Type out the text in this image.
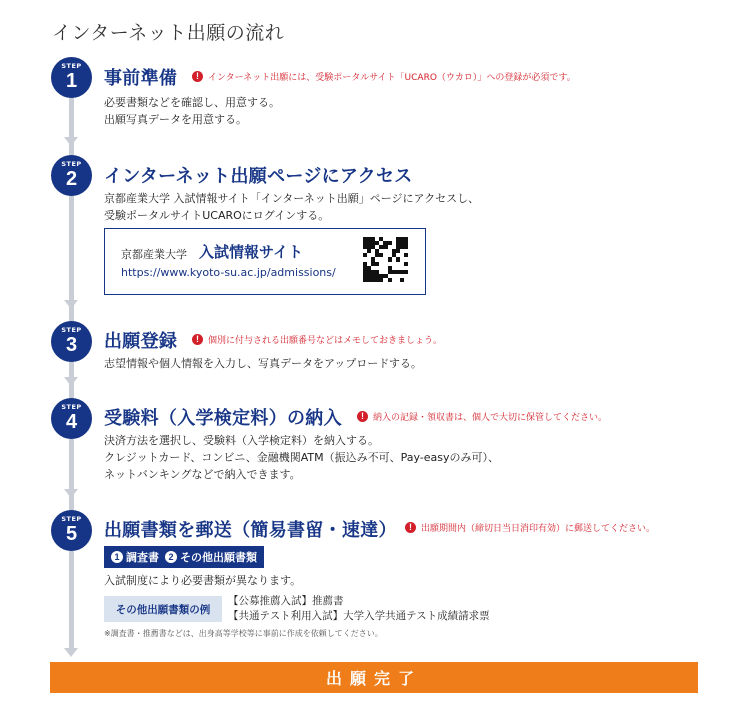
インターネット出願の流れ
STEP
1	事前準備	!	インターネット出願には、受験ポータルサイト「UCARO（ウカロ）」への登録が必須です。
必要書類などを確認し、用意する。
出願写真データを用意する。
STEP
2	インターネット出願ページにアクセス
京都産業大学 入試情報サイト「インターネット出願」ページにアクセスし、
受験ポータルサイトUCAROにログインする。
京都産業大学 入試情報サイト
https://www.kyoto-su.ac.jp/admissions/
STEP
3	出願登録	!	個別に付与される出願番号などはメモしておきましょう。
志望情報や個人情報を入力し、写真データをアップロードする。
STEP
4	受験料（入学検定料）の納入	!	納入の記録・領収書は、個人で大切に保管してください。
決済方法を選択し、受験料（入学検定料）を納入する。
クレジットカード、コンビニ、金融機関ATM（振込み不可、Pay-easyのみ可）、
ネットバンキングなどで納入できます。
STEP
5	出願書類を郵送（簡易書留・速達）	!	出願期間内（締切日当日消印有効）に郵送してください。
1 調査書	2 その他出願書類
入試制度により必要書類が異なります。
その他出願書類の例
【公募推薦入試】推薦書
【共通テスト利用入試】大学入学共通テスト成績請求票
※調査書・推薦書などは、出身高等学校等に事前に作成を依頼してください。
出願完了
